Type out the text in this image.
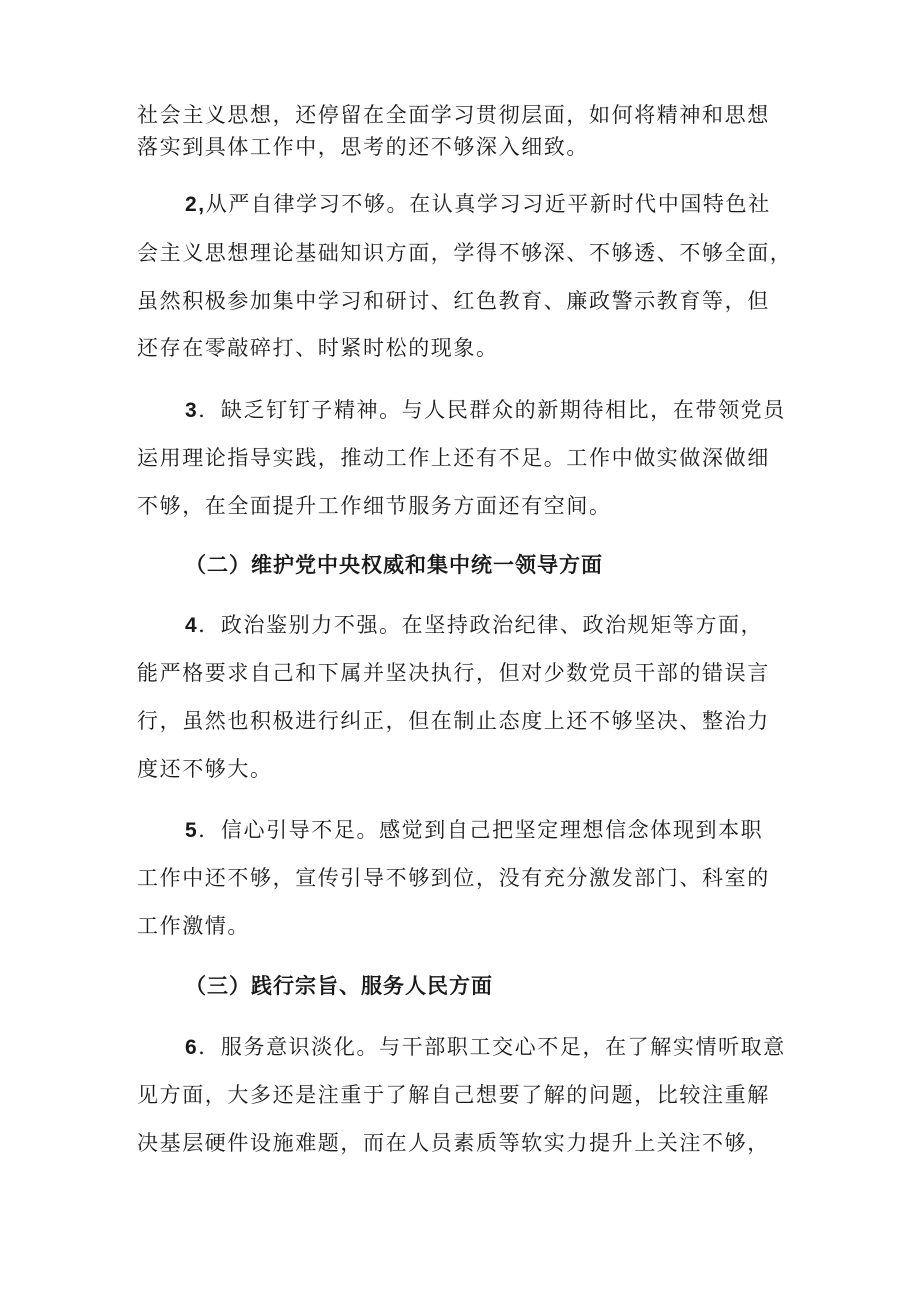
社会主义思想，还停留在全面学习贯彻层面，如何将精神和思想
落实到具体工作中，思考的还不够深入细致。
2,从严自律学习不够。在认真学习习近平新时代中国特色社
会主义思想理论基础知识方面，学得不够深、不够透、不够全面，
虽然积极参加集中学习和研讨、红色教育、廉政警示教育等，但
还存在零敲碎打、时紧时松的现象。
3．缺乏钉钉子精神。与人民群众的新期待相比，在带领党员
运用理论指导实践，推动工作上还有不足。工作中做实做深做细
不够，在全面提升工作细节服务方面还有空间。
（二）维护党中央权威和集中统一领导方面
4．政治鉴别力不强。在坚持政治纪律、政治规矩等方面，
能严格要求自己和下属并坚决执行，但对少数党员干部的错误言
行，虽然也积极进行纠正，但在制止态度上还不够坚决、整治力
度还不够大。
5．信心引导不足。感觉到自己把坚定理想信念体现到本职
工作中还不够，宣传引导不够到位，没有充分激发部门、科室的
工作激情。
（三）践行宗旨、服务人民方面
6．服务意识淡化。与干部职工交心不足，在了解实情听取意
见方面，大多还是注重于了解自己想要了解的问题，比较注重解
决基层硬件设施难题，而在人员素质等软实力提升上关注不够，
